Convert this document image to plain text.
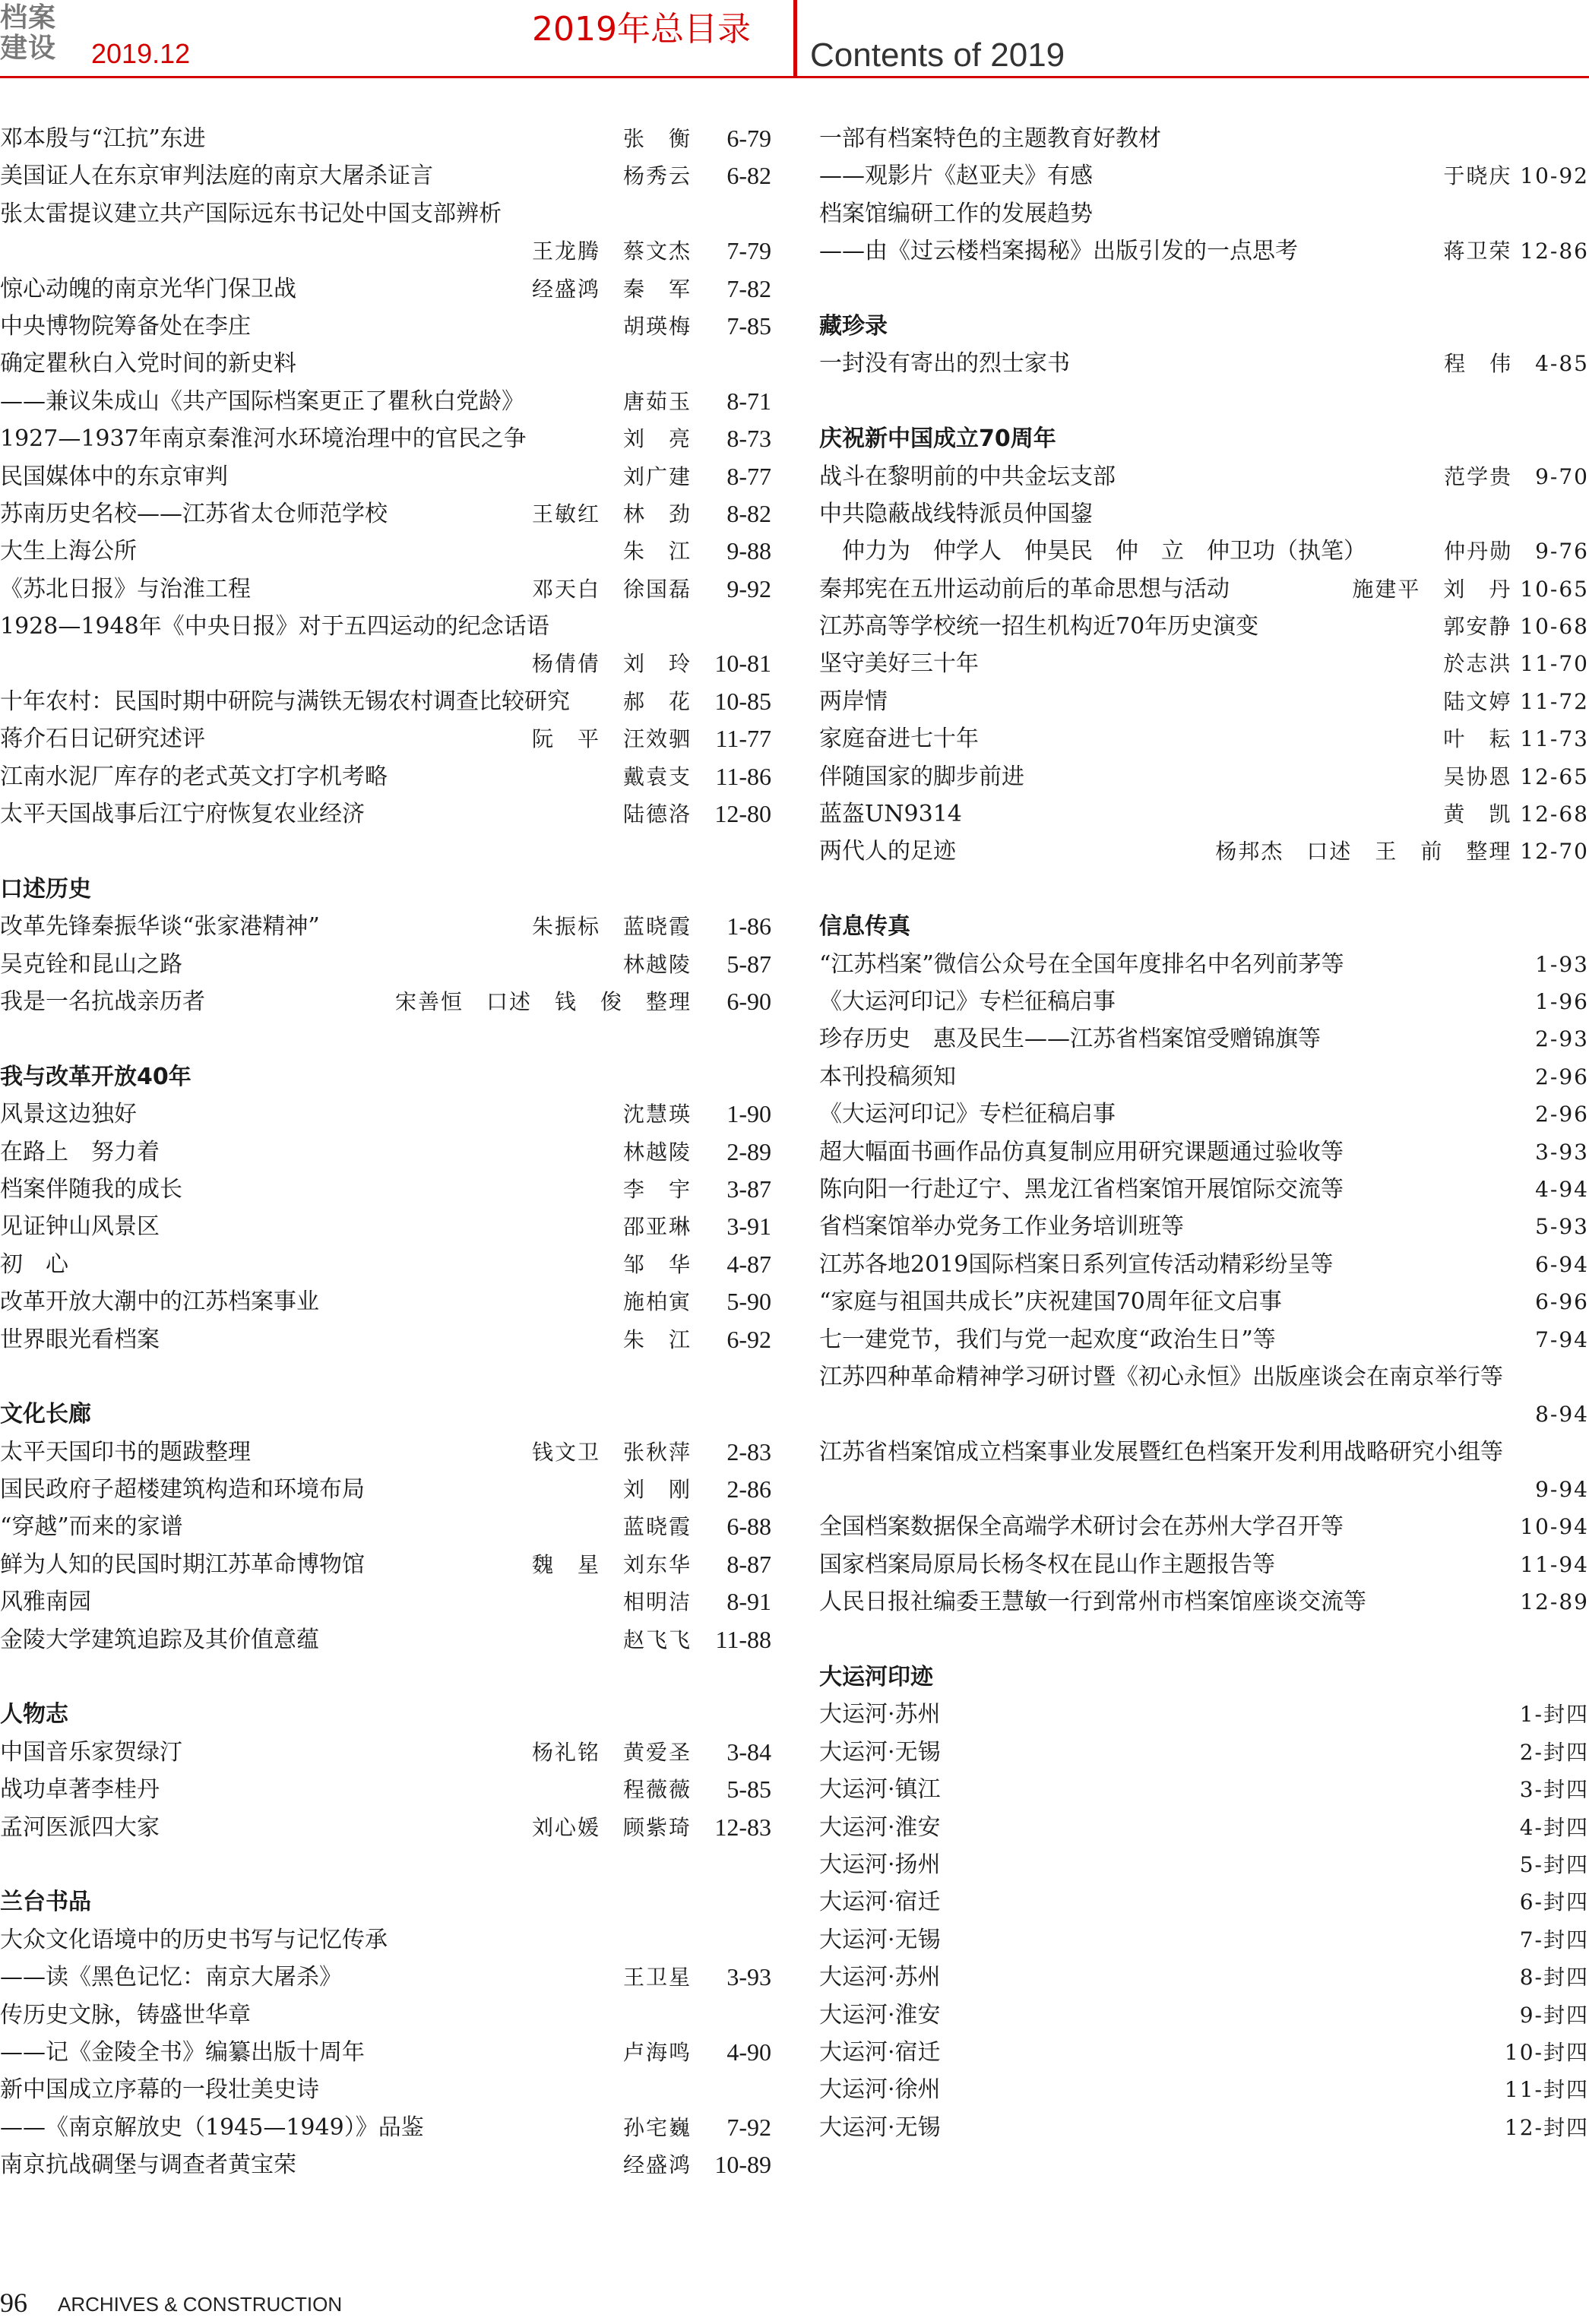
档案
建设 2019.12
2019年总目录
Contents of 2019
邓本殷与“江抗”东进	张　衡 6-79
美国证人在东京审判法庭的南京大屠杀证言	杨秀云 6-82
张太雷提议建立共产国际远东书记处中国支部辨析
王龙腾　蔡文杰 7-79
惊心动魄的南京光华门保卫战	经盛鸿　秦　军 7-82
中央博物院筹备处在李庄	胡瑛梅 7-85
确定瞿秋白入党时间的新史料
——兼议朱成山《共产国际档案更正了瞿秋白党龄》	唐茹玉 8-71
1927—1937年南京秦淮河水环境治理中的官民之争	刘　亮 8-73
民国媒体中的东京审判	刘广建 8-77
苏南历史名校——江苏省太仓师范学校	王敏红　林　劲 8-82
大生上海公所	朱　江 9-88
《苏北日报》与治淮工程	邓天白　徐国磊 9-92
1928—1948年《中央日报》对于五四运动的纪念话语
杨倩倩　刘　玲 10-81
十年农村：民国时期中研院与满铁无锡农村调查比较研究 郝　花 10-85
蒋介石日记研究述评	阮　平　汪效驷 11-77
江南水泥厂库存的老式英文打字机考略	戴袁支 11-86
太平天国战事后江宁府恢复农业经济	陆德洛 12-80
口述历史
改革先锋秦振华谈“张家港精神”	朱振标　蓝晓霞 1-86
吴克铨和昆山之路	林越陵 5-87
我是一名抗战亲历者	宋善恒　口述　钱　俊　整理 6-90
我与改革开放40年
风景这边独好	沈慧瑛 1-90
在路上　努力着	林越陵 2-89
档案伴随我的成长	李　宇 3-87
见证钟山风景区	邵亚琳 3-91
初　心	邹　华 4-87
改革开放大潮中的江苏档案事业	施柏寅 5-90
世界眼光看档案	朱　江 6-92
文化长廊
太平天国印书的题跋整理	钱文卫　张秋萍 2-83
国民政府子超楼建筑构造和环境布局	刘　刚 2-86
“穿越”而来的家谱	蓝晓霞 6-88
鲜为人知的民国时期江苏革命博物馆	魏　星　刘东华 8-87
风雅南园	相明洁 8-91
金陵大学建筑追踪及其价值意蕴	赵飞飞 11-88
人物志
中国音乐家贺绿汀	杨礼铭　黄爱圣 3-84
战功卓著李桂丹	程薇薇 5-85
孟河医派四大家	刘心媛　顾紫琦 12-83
兰台书品
大众文化语境中的历史书写与记忆传承
——读《黑色记忆：南京大屠杀》	王卫星 3-93
传历史文脉，铸盛世华章
——记《金陵全书》编纂出版十周年	卢海鸣 4-90
新中国成立序幕的一段壮美史诗
——《南京解放史（1945—1949）》品鉴	孙宅巍 7-92
南京抗战碉堡与调查者黄宝荣	经盛鸿 10-89
一部有档案特色的主题教育好教材
——观影片《赵亚夫》有感	于晓庆 10-92
档案馆编研工作的发展趋势
——由《过云楼档案揭秘》出版引发的一点思考	蒋卫荣 12-86
藏珍录
一封没有寄出的烈士家书	程　伟　4-85
庆祝新中国成立70周年
战斗在黎明前的中共金坛支部	范学贵　9-70
中共隐蔽战线特派员仲国鋆
　仲力为　仲学人　仲昊民　仲　立　仲卫功（执笔）	仲丹勋　9-76
秦邦宪在五卅运动前后的革命思想与活动	施建平　刘　丹 10-65
江苏高等学校统一招生机构近70年历史演变	郭安静 10-68
坚守美好三十年	於志洪 11-70
两岸情	陆文婷 11-72
家庭奋进七十年	叶　耘 11-73
伴随国家的脚步前进	吴协恩 12-65
蓝盔UN9314	黄　凯 12-68
两代人的足迹	杨邦杰　口述　王　前　整理 12-70
信息传真
“江苏档案”微信公众号在全国年度排名中名列前茅等	1-93
《大运河印记》专栏征稿启事	1-96
珍存历史　惠及民生——江苏省档案馆受赠锦旗等	2-93
本刊投稿须知	2-96
《大运河印记》专栏征稿启事	2-96
超大幅面书画作品仿真复制应用研究课题通过验收等	3-93
陈向阳一行赴辽宁、黑龙江省档案馆开展馆际交流等	4-94
省档案馆举办党务工作业务培训班等	5-93
江苏各地2019国际档案日系列宣传活动精彩纷呈等	6-94
“家庭与祖国共成长”庆祝建国70周年征文启事	6-96
七一建党节，我们与党一起欢度“政治生日”等	7-94
江苏四种革命精神学习研讨暨《初心永恒》出版座谈会在南京举行等
8-94
江苏省档案馆成立档案事业发展暨红色档案开发利用战略研究小组等
9-94
全国档案数据保全高端学术研讨会在苏州大学召开等	10-94
国家档案局原局长杨冬权在昆山作主题报告等	11-94
人民日报社编委王慧敏一行到常州市档案馆座谈交流等	12-89
大运河印迹
大运河·苏州	1-封四
大运河·无锡	2-封四
大运河·镇江	3-封四
大运河·淮安	4-封四
大运河·扬州	5-封四
大运河·宿迁	6-封四
大运河·无锡	7-封四
大运河·苏州	8-封四
大运河·淮安	9-封四
大运河·宿迁	10-封四
大运河·徐州	11-封四
大运河·无锡	12-封四
96 ARCHIVES & CONSTRUCTION
